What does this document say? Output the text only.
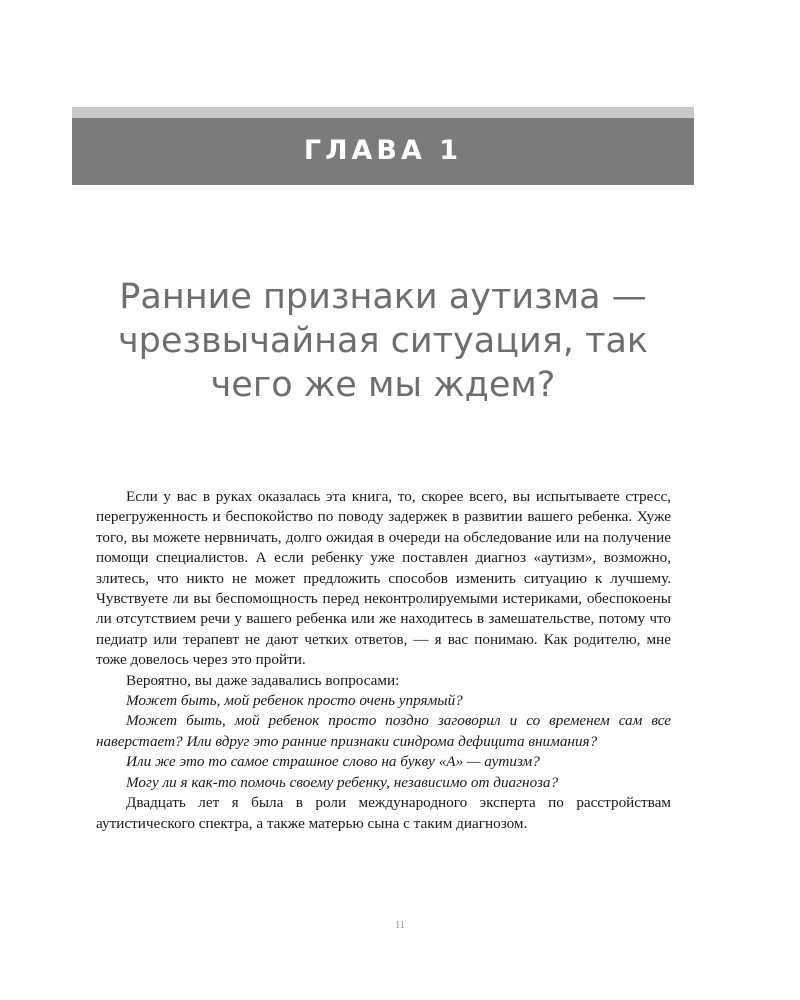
ГЛАВА 1
Ранние признаки аутизма —
чрезвычайная ситуация, так
чего же мы ждем?

Если у вас в руках оказалась эта книга, то, скорее всего, вы испытываете стресс, перегруженность и беспокойство по поводу задержек в развитии вашего ребенка. Хуже того, вы можете нервничать, долго ожидая в очереди на обследование или на получение помощи специалистов. А если ребенку уже поставлен диагноз «аутизм», возможно, злитесь, что никто не может предложить способов изменить ситуацию к лучшему. Чувствуете ли вы беспомощность перед неконтролируемыми истериками, обеспокоены ли отсутствием речи у вашего ребенка или же находитесь в замешательстве, потому что педиатр или терапевт не дают четких ответов, — я вас понимаю. Как родителю, мне тоже довелось через это пройти.

Вероятно, вы даже задавались вопросами:

Может быть, мой ребенок просто очень упрямый?

Может быть, мой ребенок просто поздно заговорил и со временем сам все наверстает? Или вдруг это ранние признаки синдрома дефицита внимания?

Или же это то самое страшное слово на букву «А» — аутизм?

Могу ли я как-то помочь своему ребенку, независимо от диагноза?

Двадцать лет я была в роли международного эксперта по расстройствам аутистического спектра, а также матерью сына с таким диагнозом.

11
